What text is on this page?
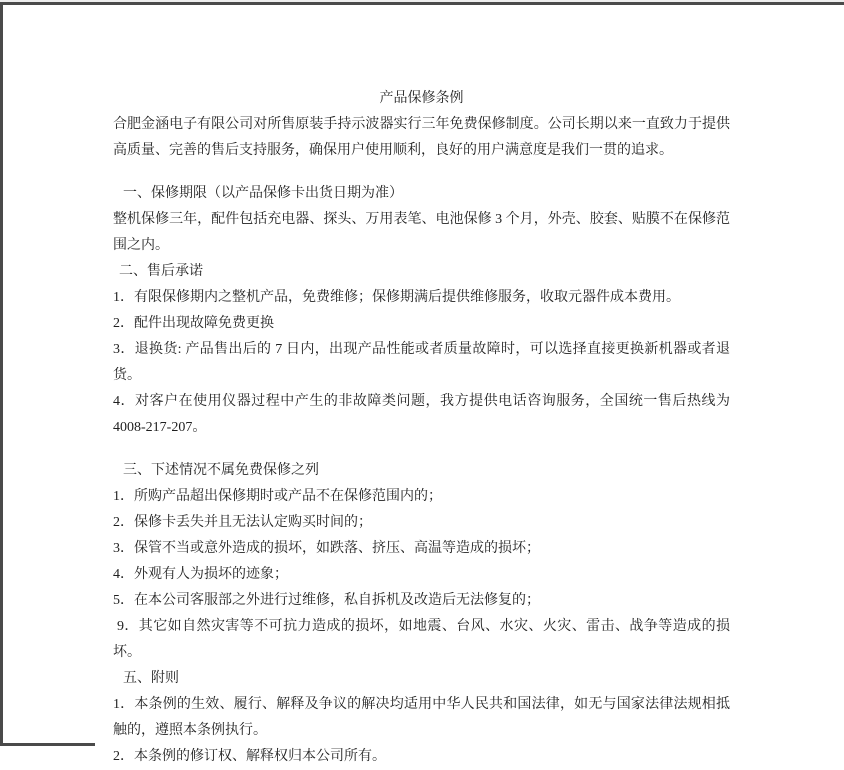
产品保修条例
合肥金涵电子有限公司对所售原装手持示波器实行三年免费保修制度。公司长期以来一直致力于提供高质量、完善的售后支持服务，确保用户使用顺利，良好的用户满意度是我们一贯的追求。
一、保修期限（以产品保修卡出货日期为准）
整机保修三年，配件包括充电器、探头、万用表笔、电池保修 3 个月，外壳、胶套、贴膜不在保修范围之内。
二、售后承诺
1．有限保修期内之整机产品，免费维修；保修期满后提供维修服务，收取元器件成本费用。
2．配件出现故障免费更换
3．退换货: 产品售出后的 7 日内，出现产品性能或者质量故障时，可以选择直接更换新机器或者退货。
4．对客户在使用仪器过程中产生的非故障类问题，我方提供电话咨询服务，全国统一售后热线为 4008-217-207。
三、下述情况不属免费保修之列
1．所购产品超出保修期时或产品不在保修范围内的；
2．保修卡丢失并且无法认定购买时间的；
3．保管不当或意外造成的损坏，如跌落、挤压、高温等造成的损坏；
4．外观有人为损坏的迹象；
5．在本公司客服部之外进行过维修，私自拆机及改造后无法修复的；
9．其它如自然灾害等不可抗力造成的损坏，如地震、台风、水灾、火灾、雷击、战争等造成的损坏。
五、附则
1．本条例的生效、履行、解释及争议的解决均适用中华人民共和国法律，如无与国家法律法规相抵触的，遵照本条例执行。
2．本条例的修订权、解释权归本公司所有。
